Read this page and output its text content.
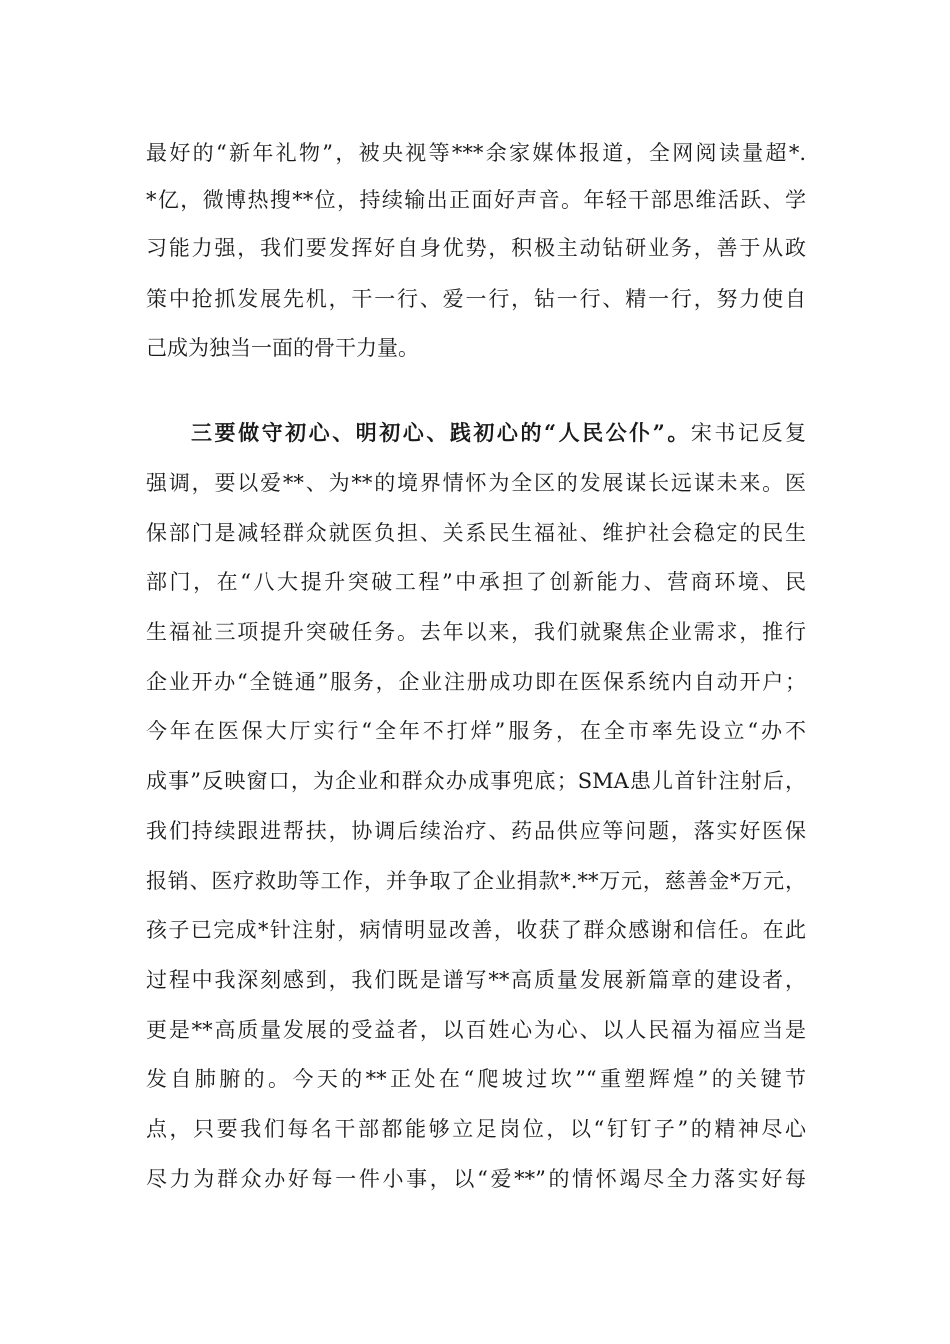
最好的“新年礼物”，被央视等***余家媒体报道，全网阅读量超*.
*亿，微博热搜**位，持续输出正面好声音。年轻干部思维活跃、学
习能力强，我们要发挥好自身优势，积极主动钻研业务，善于从政
策中抢抓发展先机，干一行、爱一行，钻一行、精一行，努力使自
己成为独当一面的骨干力量。
三要做守初心、明初心、践初心的“人民公仆”。宋书记反复
强调，要以爱**、为**的境界情怀为全区的发展谋长远谋未来。医
保部门是减轻群众就医负担、关系民生福祉、维护社会稳定的民生
部门，在“八大提升突破工程”中承担了创新能力、营商环境、民
生福祉三项提升突破任务。去年以来，我们就聚焦企业需求，推行
企业开办“全链通”服务，企业注册成功即在医保系统内自动开户；
今年在医保大厅实行“全年不打烊”服务，在全市率先设立“办不
成事”反映窗口，为企业和群众办成事兜底；SMA患儿首针注射后，
我们持续跟进帮扶，协调后续治疗、药品供应等问题，落实好医保
报销、医疗救助等工作，并争取了企业捐款*.**万元，慈善金*万元，
孩子已完成*针注射，病情明显改善，收获了群众感谢和信任。在此
过程中我深刻感到，我们既是谱写**高质量发展新篇章的建设者，
更是**高质量发展的受益者，以百姓心为心、以人民福为福应当是
发自肺腑的。今天的**正处在“爬坡过坎”“重塑辉煌”的关键节
点，只要我们每名干部都能够立足岗位，以“钉钉子”的精神尽心
尽力为群众办好每一件小事，以“爱**”的情怀竭尽全力落实好每
